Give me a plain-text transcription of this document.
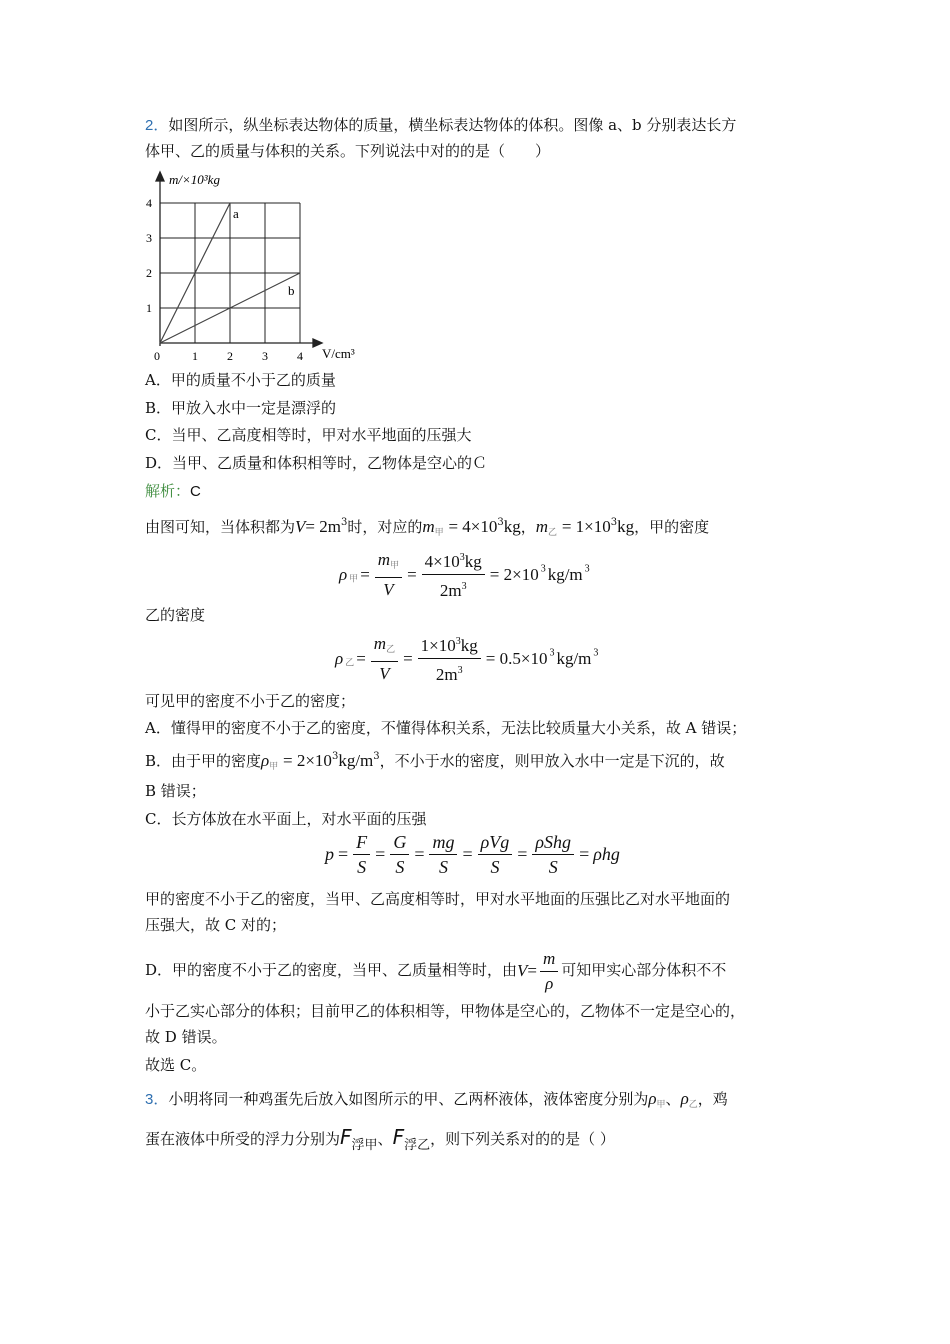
2．如图所示，纵坐标表达物体的质量，横坐标表达物体的体积。图像 a、b 分别表达长方
体甲、乙的质量与体积的关系。下列说法中对的的是（　　）
m/×10³kg
V/cm³
0	1 2 3 4
1
2
3
4
a
b
A．甲的质量不小于乙的质量
B．甲放入水中一定是漂浮的
C．当甲、乙高度相等时，甲对水平地面的压强大
D．当甲、乙质量和体积相等时，乙物体是空心的Ｃ
解析：C
由图可知，当体积都为$V= 2m^3$时，对应的$m_甲 = 4\times 10^3kg$，$m_乙 = 1\times 10^3kg$，甲的密度
ρ $_甲 = \frac{m_甲}{V} = \frac{4\times 10^3kg}{2m^3} = 2\times 10$ $^3$ kg/m $^3$
乙的密度
ρ $_乙 = \frac{m_乙}{V} = \frac{1\times 10^3kg}{2m^3} = 0.5\times 10$ $^3$ kg/m $^3$
可见甲的密度不小于乙的密度；
A．懂得甲的密度不小于乙的密度，不懂得体积关系，无法比较质量大小关系，故 A 错误；
B．由于甲的密度$\rho_甲 = 2\times 10^3kg/m^3$，不小于水的密度，则甲放入水中一定是下沉的，故
B 错误；
C．长方体放在水平面上，对水平面的压强
$p = \frac{F}{S} = \frac{G}{S} = \frac{mg}{S} = \frac{\text{ρVg}}{S} = \frac{\text{ρShg}}{S} = \rho hg$
甲的密度不小于乙的密度，当甲、乙高度相等时，甲对水平地面的压强比乙对水平地面的
压强大，故 C 对的；
D．甲的密度不小于乙的密度，当甲、乙质量相等时，由$V= \frac{m}{\rho}$ 可知甲实心部分体积不不
小于乙实心部分的体积；目前甲乙的体积相等，甲物体是空心的，乙物体不一定是空心的，
故 D 错误。
故选 C。
3．小明将同一种鸡蛋先后放入如图所示的甲、乙两杯液体，液体密度分别为$\rho_甲$、$\rho_乙$，鸡
蛋在液体中所受的浮力分别为F浮甲、F浮乙，则下列关系对的的是（ ）
